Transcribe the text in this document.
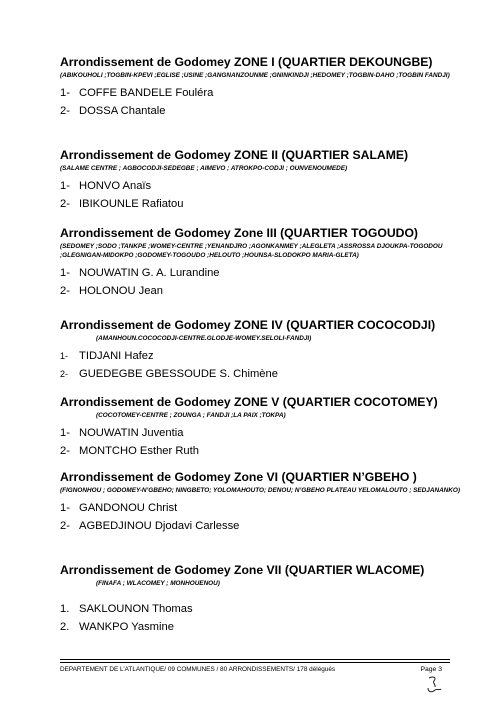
Arrondissement de Godomey ZONE I (QUARTIER DEKOUNGBE)

(ABIKOUHOLI ;TOGBIN-KPEVI ;EGLISE ;USINE ;GANGNANZOUNME ;GNINKINDJI ;HEDOMEY ;TOGBIN-DAHO ;TOGBIN FANDJI)

1- COFFE BANDELE Fouléra
2- DOSSA Chantale
Arrondissement de Godomey ZONE II (QUARTIER SALAME)

(SALAME CENTRE ; AGBOCODJI-SEDEGBE ; AIMEVO ; ATROKPO-CODJI ; OUNVENOUMEDE)

1- HONVO Anaïs
2- IBIKOUNLE Rafiatou
Arrondissement de Godomey Zone III (QUARTIER TOGOUDO)

(SEDOMEY ;SODO ;TANKPE ;WOMEY-CENTRE ;YENANDJRO ;AGONKANMEY ;ALEGLETA ;ASSROSSA DJOUKPA-TOGODOU ;GLEGNIGAN-MIDOKPO ;GODOMEY-TOGOUDO ;HELOUTO ;HOUNSA-SLODOKPO MARIA-GLETA)

1- NOUWATIN G. A. Lurandine
2- HOLONOU Jean
Arrondissement de Godomey ZONE IV (QUARTIER COCOCODJI)

(AMANHOUN.COCOCODJI-CENTRE.GLODJE-WOMEY.SELOLI-FANDJI)

1- TIDJANI Hafez
2- GUEDEGBE GBESSOUDE S. Chimène
Arrondissement de Godomey ZONE V (QUARTIER COCOTOMEY)

(COCOTOMEY-CENTRE ; ZOUNGA ; FANDJI ;LA PAIX ;TOKPA)

1- NOUWATIN Juventia
2- MONTCHO Esther Ruth
Arrondissement de Godomey Zone VI (QUARTIER N’GBEHO )

(FIGNONHOU ; GODOMEY-N’GBEHO; NINGBETO; YOLOMAHOUTO; DENOU; N’GBEHO PLATEAU YELOMALOUTO ; SEDJANANKO)

1- GANDONOU Christ
2- AGBEDJINOU Djodavi Carlesse
Arrondissement de Godomey Zone VII (QUARTIER WLACOME)

(FINAFA ; WLACOMEY ; MONHOUENOU)

1. SAKLOUNON Thomas
2. WANKPO Yasmine
DEPARTEMENT DE L’ATLANTIQUE/ 09 COMMUNES / 80 ARRONDISSEMENTS/ 178 délégués	Page 3
